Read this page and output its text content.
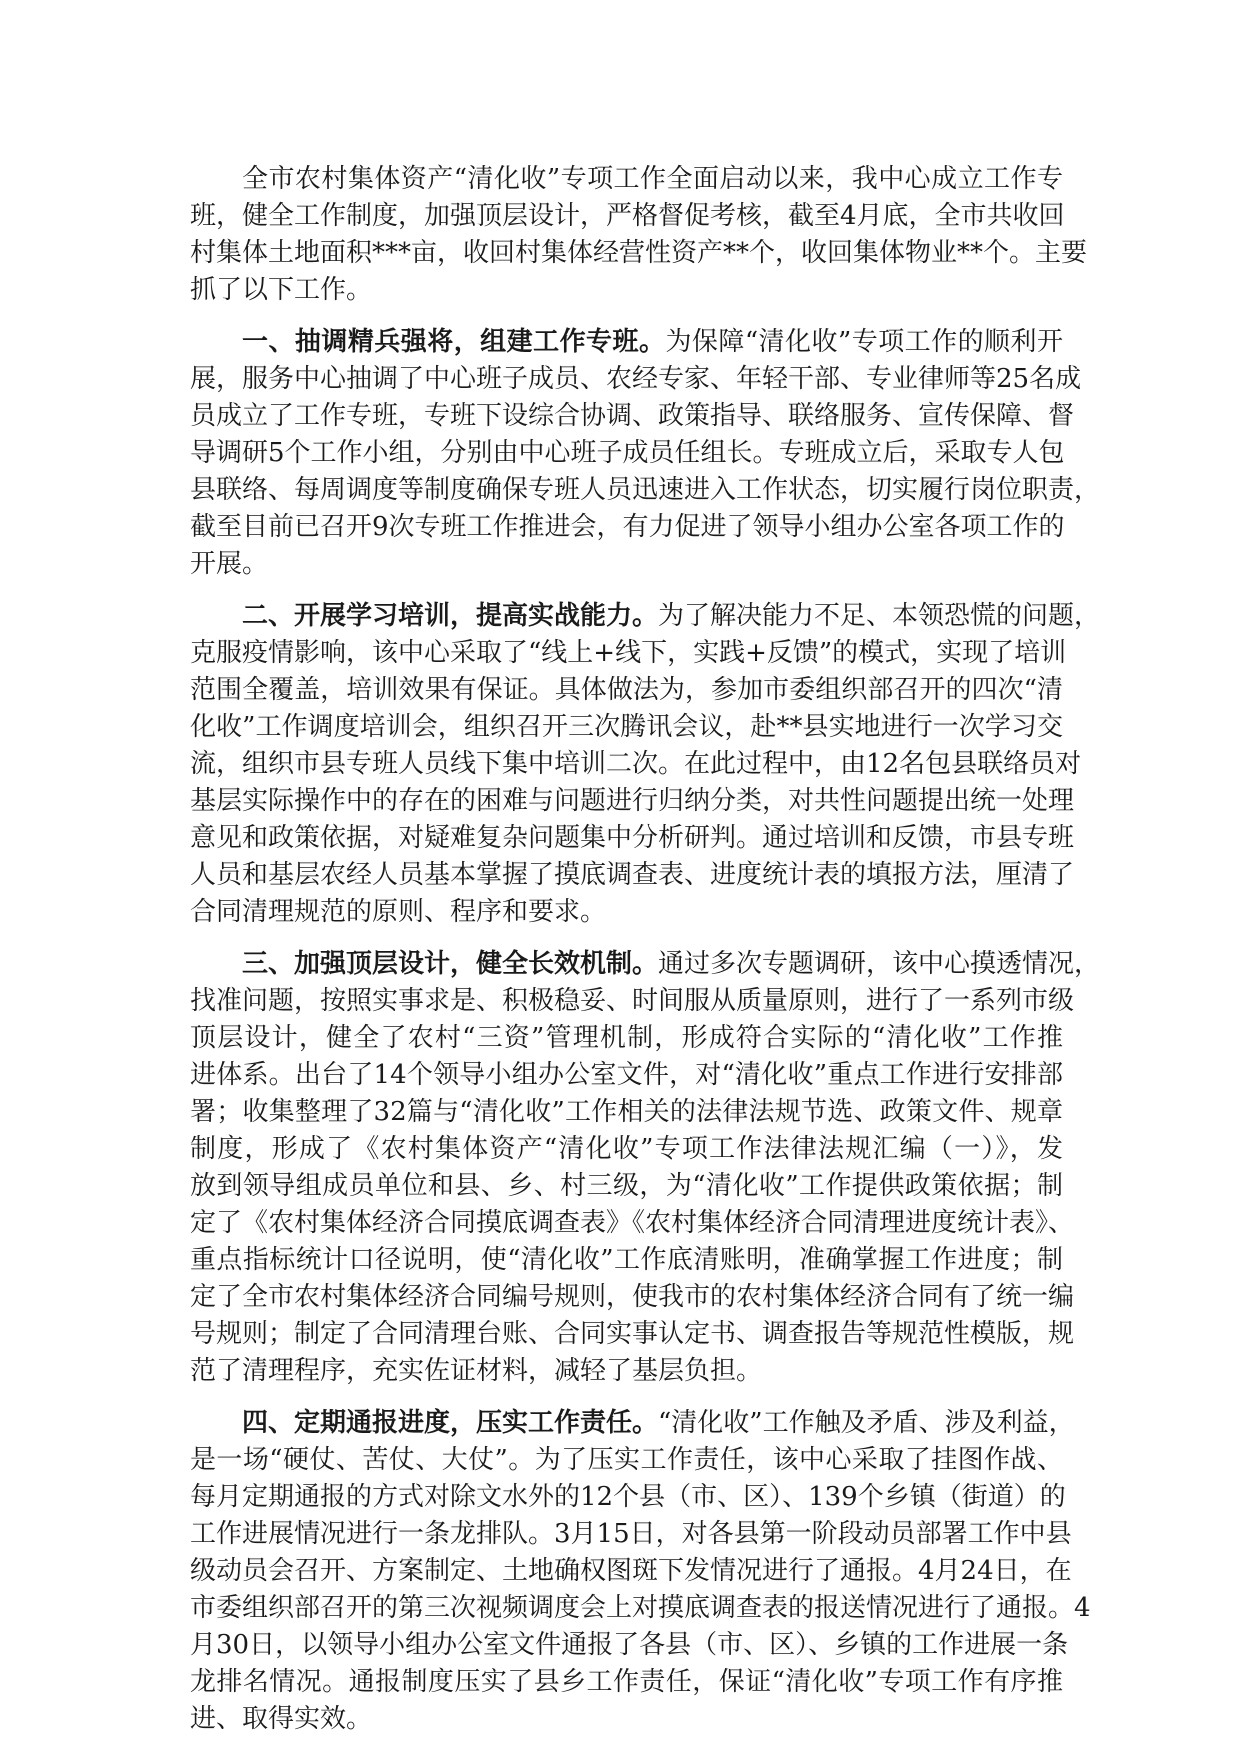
全市农村集体资产“清化收”专项工作全面启动以来，我中心成立工作专
班，健全工作制度，加强顶层设计，严格督促考核，截至4月底，全市共收回
村集体土地面积***亩，收回村集体经营性资产**个，收回集体物业**个。主要
抓了以下工作。
一、抽调精兵强将，组建工作专班。为保障“清化收”专项工作的顺利开
展，服务中心抽调了中心班子成员、农经专家、年轻干部、专业律师等25名成
员成立了工作专班，专班下设综合协调、政策指导、联络服务、宣传保障、督
导调研5个工作小组，分别由中心班子成员任组长。专班成立后，采取专人包
县联络、每周调度等制度确保专班人员迅速进入工作状态，切实履行岗位职责，
截至目前已召开9次专班工作推进会，有力促进了领导小组办公室各项工作的
开展。
二、开展学习培训，提高实战能力。为了解决能力不足、本领恐慌的问题，
克服疫情影响，该中心采取了“线上+线下，实践+反馈”的模式，实现了培训
范围全覆盖，培训效果有保证。具体做法为，参加市委组织部召开的四次“清
化收”工作调度培训会，组织召开三次腾讯会议，赴**县实地进行一次学习交
流，组织市县专班人员线下集中培训二次。在此过程中，由12名包县联络员对
基层实际操作中的存在的困难与问题进行归纳分类，对共性问题提出统一处理
意见和政策依据，对疑难复杂问题集中分析研判。通过培训和反馈，市县专班
人员和基层农经人员基本掌握了摸底调查表、进度统计表的填报方法，厘清了
合同清理规范的原则、程序和要求。
三、加强顶层设计，健全长效机制。通过多次专题调研，该中心摸透情况，
找准问题，按照实事求是、积极稳妥、时间服从质量原则，进行了一系列市级
顶层设计，健全了农村“三资”管理机制，形成符合实际的“清化收”工作推
进体系。出台了14个领导小组办公室文件，对“清化收”重点工作进行安排部
署；收集整理了32篇与“清化收”工作相关的法律法规节选、政策文件、规章
制度，形成了《农村集体资产“清化收”专项工作法律法规汇编（一）》，发
放到领导组成员单位和县、乡、村三级，为“清化收”工作提供政策依据；制
定了《农村集体经济合同摸底调查表》《农村集体经济合同清理进度统计表》、
重点指标统计口径说明，使“清化收”工作底清账明，准确掌握工作进度；制
定了全市农村集体经济合同编号规则，使我市的农村集体经济合同有了统一编
号规则；制定了合同清理台账、合同实事认定书、调查报告等规范性模版，规
范了清理程序，充实佐证材料，减轻了基层负担。
四、定期通报进度，压实工作责任。“清化收”工作触及矛盾、涉及利益，
是一场“硬仗、苦仗、大仗”。为了压实工作责任，该中心采取了挂图作战、
每月定期通报的方式对除文水外的12个县（市、区）、139个乡镇（街道）的
工作进展情况进行一条龙排队。3月15日，对各县第一阶段动员部署工作中县
级动员会召开、方案制定、土地确权图斑下发情况进行了通报。4月24日，在
市委组织部召开的第三次视频调度会上对摸底调查表的报送情况进行了通报。4
月30日，以领导小组办公室文件通报了各县（市、区）、乡镇的工作进展一条
龙排名情况。通报制度压实了县乡工作责任，保证“清化收”专项工作有序推
进、取得实效。
